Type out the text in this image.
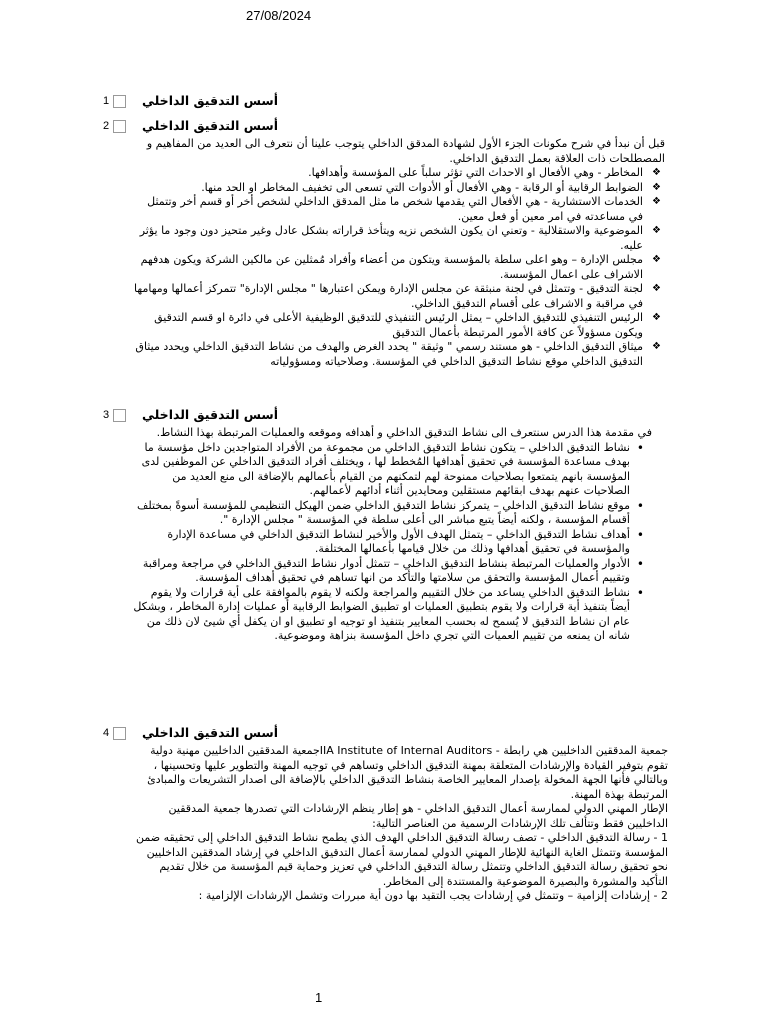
27/08/2024
1	أسس التدقيق الداخلي
2	أسس التدقيق الداخلي

قبل أن نبدأ في شرح مكونات الجزء الأول لشهادة المدقق الداخلي يتوجب علينا أن نتعرف الى العديد من المفاهيم و المصطلحات ذات العلاقة بعمل التدقيق الداخلي.

❖
المخاطر - وهي الأفعال او الاحداث التي تؤثر سلباً على المؤسسة وأهدافها.
❖
الضوابط الرقابية أو الرقابة - وهي الأفعال أو الأدوات التي تسعى الى تخفيف المخاطر او الحد منها.
❖
الخدمات الاستشارية - هي الأفعال التي يقدمها شخص ما مثل المدقق الداخلي لشخص أخر أو قسم أخر وتتمثل في مساعدته في امر معين أو فعل معين.
❖
الموضوعية والاستقلالية - وتعني ان يكون الشخص نزيه ويتأخذ قراراته بشكل عادل وغير متحيز دون وجود ما يؤثر عليه.
❖
مجلس الإدارة – وهو اعلى سلطة بالمؤسسة ويتكون من أعضاء وأفراد مُمثلين عن مالكين الشركة ويكون هدفهم الاشراف على اعمال المؤسسة.
❖
لجنة التدقيق - وتتمثل في لجنة منبثقة عن مجلس الإدارة ويمكن اعتبارها " مجلس الإدارة" تتمركز أعمالها ومهامها في مراقبة و الاشراف على أقسام التدقيق الداخلي.
❖
الرئيس التنفيذي للتدقيق الداخلي – يمثل الرئيس التنفيذي للتدقيق الوظيفية الأعلى في دائرة او قسم التدقيق ويكون مسؤولاً عن كافة الأمور المرتبطة بأعمال التدقيق
❖
ميثاق التدقيق الداخلي - هو مستند رسمي " وثيقة " يحدد الغرض والهدف من نشاط التدقيق الداخلي ويحدد ميثاق التدقيق الداخلي موقع نشاط التدقيق الداخلي في المؤسسة. وصلاحياته ومسؤولياته
3	أسس التدقيق الداخلي

في مقدمة هذا الدرس سنتعرف الى نشاط التدقيق الداخلي و أهدافه وموقعه والعمليات المرتبطة بهذا النشاط.

•
نشاط التدقيق الداخلي – يتكون نشاط التدقيق الداخلي من مجموعة من الأفراد المتواجدين داخل مؤسسة ما بهدف مساعدة المؤسسة في تحقيق أهدافها المُخطط لها ، ويختلف أفراد التدقيق الداخلي عن الموظفين لدى المؤسسة بانهم يتمتعوا بصلاحيات ممنوحة لهم لتمكنهم من القيام بأعمالهم بالإضافة الى منع العديد من الصلاحيات عنهم بهدف ابقائهم مستقلين ومحايدين أثناء أدائهم لأعمالهم.
•
موقع نشاط التدقيق الداخلي – يتمركز نشاط التدقيق الداخلي ضمن الهيكل التنظيمي للمؤسسة أسوةً بمختلف أقسام المؤسسة ، ولكنه أيضاً يتبع مباشر الى أعلى سلطة في المؤسسة " مجلس الإدارة ".
•
أهداف نشاط التدقيق الداخلي – يتمثل الهدف الأول والأخير لنشاط التدقيق الداخلي في مساعدة الإدارة والمؤسسة في تحقيق أهدافها وذلك من خلال قيامها بأعمالها المختلفة.
•
الأدوار والعمليات المرتبطة بنشاط التدقيق الداخلي – تتمثل أدوار نشاط التدقيق الداخلي في مراجعة ومراقبة وتقييم أعمال المؤسسة والتحقق من سلامتها والتأكد من انها تساهم في تحقيق أهداف المؤسسة.
•
نشاط التدقيق الداخلي يساعد من خلال التقييم والمراجعة ولكنه لا يقوم بالموافقة على أية قرارات ولا يقوم أيضاً بتنفيذ أية قرارات ولا يقوم بتطبيق العمليات او تطبيق الضوابط الرقابية أو عمليات إدارة المخاطر ، وبشكل عام ان نشاط التدقيق لا يُسمح له بحسب المعايير بتنفيذ او توجيه او تطبيق او ان يكفل أي شيئ لان ذلك من شانه ان يمنعه من تقييم العميات التي تجري داخل المؤسسة بنزاهة وموضوعية.
4	أسس التدقيق الداخلي

جمعية المدققين الداخليين هي رابطة - IIA Institute of Internal Auditorsجمعية المدققين الداخليين مهنية دولية تقوم بتوفير القيادة والإرشادات المتعلقة بمهنة التدقيق الداخلي وتساهم في توجيه المهنة والتطوير عليها وتحسينها ، وبالتالي فأنها الجهة المخولة بإصدار المعايير الخاصة بنشاط التدقيق الداخلي بالإضافة الى اصدار التشريعات والمبادئ المرتبطة بهذة المهنة.

الإطار المهني الدولي لممارسة أعمال التدقيق الداخلي - هو إطار ينظم الإرشادات التي تصدرها جمعية المدققين الداخليين فقط وتتألف تلك الإرشادات الرسمية من العناصر التالية:

1 - رسالة التدقيق الداخلي - تصف رسالة التدقيق الداخلي الهدف الذي يطمح نشاط التدقيق الداخلي إلى تحقيقه ضمن المؤسسة وتتمثل الغاية النهائية للإطار المهني الدولي لممارسة أعمال التدقيق الداخلي في إرشاد المدققين الداخليين نحو تحقيق رسالة التدقيق الداخلي وتتمثل رسالة التدقيق الداخلي في تعزيز وحماية قيم المؤسسة من خلال تقديم التأكيد والمشورة والبصيرة الموضوعية والمستندة إلى المخاطر.

2 - إرشادات إلزامية – وتتمثل في إرشادات يجب التقيد بها دون أية مبررات وتشمل الإرشادات الإلزامية :

1
